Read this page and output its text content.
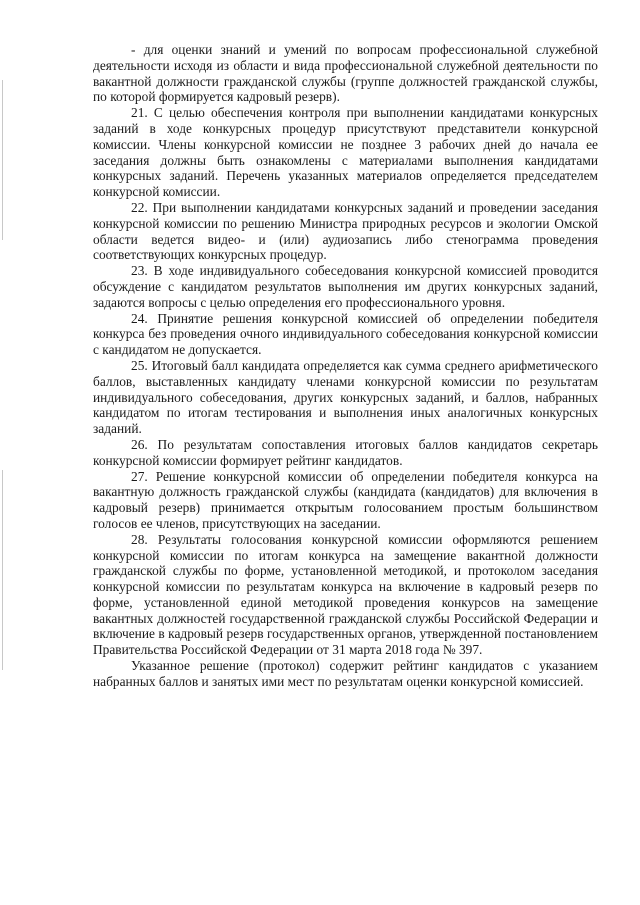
- для оценки знаний и умений по вопросам профессиональной служебной деятельности исходя из области и вида профессиональной служебной деятельности по вакантной должности гражданской службы (группе должностей гражданской службы, по которой формируется кадровый резерв).

21. С целью обеспечения контроля при выполнении кандидатами конкурсных заданий в ходе конкурсных процедур присутствуют представители конкурсной комиссии. Члены конкурсной комиссии не позднее 3 рабочих дней до начала ее заседания должны быть ознакомлены с материалами выполнения кандидатами конкурсных заданий. Перечень указанных материалов определяется председателем конкурсной комиссии.

22. При выполнении кандидатами конкурсных заданий и проведении заседания конкурсной комиссии по решению Министра природных ресурсов и экологии Омской области ведется видео- и (или) аудиозапись либо стенограмма проведения соответствующих конкурсных процедур.

23. В ходе индивидуального собеседования конкурсной комиссией проводится обсуждение с кандидатом результатов выполнения им других конкурсных заданий, задаются вопросы с целью определения его профессионального уровня.

24. Принятие решения конкурсной комиссией об определении победителя конкурса без проведения очного индивидуального собеседования конкурсной комиссии с кандидатом не допускается.

25. Итоговый балл кандидата определяется как сумма среднего арифметического баллов, выставленных кандидату членами конкурсной комиссии по результатам индивидуального собеседования, других конкурсных заданий, и баллов, набранных кандидатом по итогам тестирования и выполнения иных аналогичных конкурсных заданий.

26. По результатам сопоставления итоговых баллов кандидатов секретарь конкурсной комиссии формирует рейтинг кандидатов.

27. Решение конкурсной комиссии об определении победителя конкурса на вакантную должность гражданской службы (кандидата (кандидатов) для включения в кадровый резерв) принимается открытым голосованием простым большинством голосов ее членов, присутствующих на заседании.

28. Результаты голосования конкурсной комиссии оформляются решением конкурсной комиссии по итогам конкурса на замещение вакантной должности гражданской службы по форме, установленной методикой, и протоколом заседания конкурсной комиссии по результатам конкурса на включение в кадровый резерв по форме, установленной единой методикой проведения конкурсов на замещение вакантных должностей государственной гражданской службы Российской Федерации и включение в кадровый резерв государственных органов, утвержденной постановлением Правительства Российской Федерации от 31 марта 2018 года № 397.

Указанное решение (протокол) содержит рейтинг кандидатов с указанием набранных баллов и занятых ими мест по результатам оценки конкурсной комиссией.
